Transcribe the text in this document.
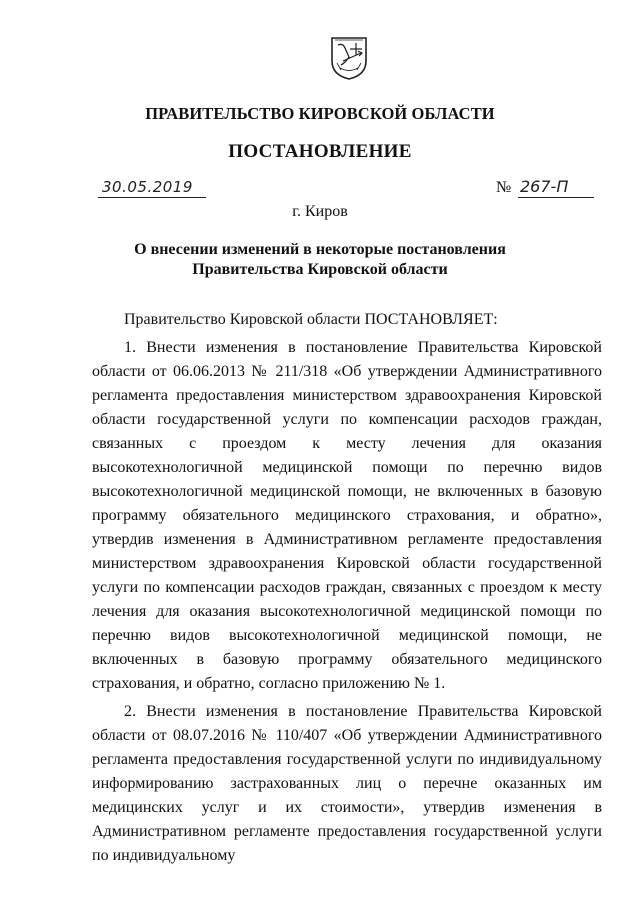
ПРАВИТЕЛЬСТВО КИРОВСКОЙ ОБЛАСТИ
ПОСТАНОВЛЕНИЕ
30.05.2019	№ 267-П
г. Киров
О внесении изменений в некоторые постановления
Правительства Кировской области

Правительство Кировской области ПОСТАНОВЛЯЕТ:

1. Внести изменения в постановление Правительства Кировской области от 06.06.2013 № 211/318 «Об утверждении Административного регламента предоставления министерством здравоохранения Кировской области государственной услуги по компенсации расходов граждан, связанных с проездом к месту лечения для оказания высокотехнологичной медицинской помощи по перечню видов высокотехнологичной медицинской помощи, не включенных в базовую программу обязательного медицинского страхования, и обратно», утвердив изменения в Административном регламенте предоставления министерством здравоохранения Кировской области государственной услуги по компенсации расходов граждан, связанных с проездом к месту лечения для оказания высокотехнологичной медицинской помощи по перечню видов высокотехнологичной медицинской помощи, не включенных в базовую программу обязательного медицинского страхования, и обратно, согласно приложению № 1.

2. Внести изменения в постановление Правительства Кировской области от 08.07.2016 № 110/407 «Об утверждении Административного регламента предоставления государственной услуги по индивидуальному информированию застрахованных лиц о перечне оказанных им медицинских услуг и их стоимости», утвердив изменения в Административном регламенте предоставления государственной услуги по индивидуальному
